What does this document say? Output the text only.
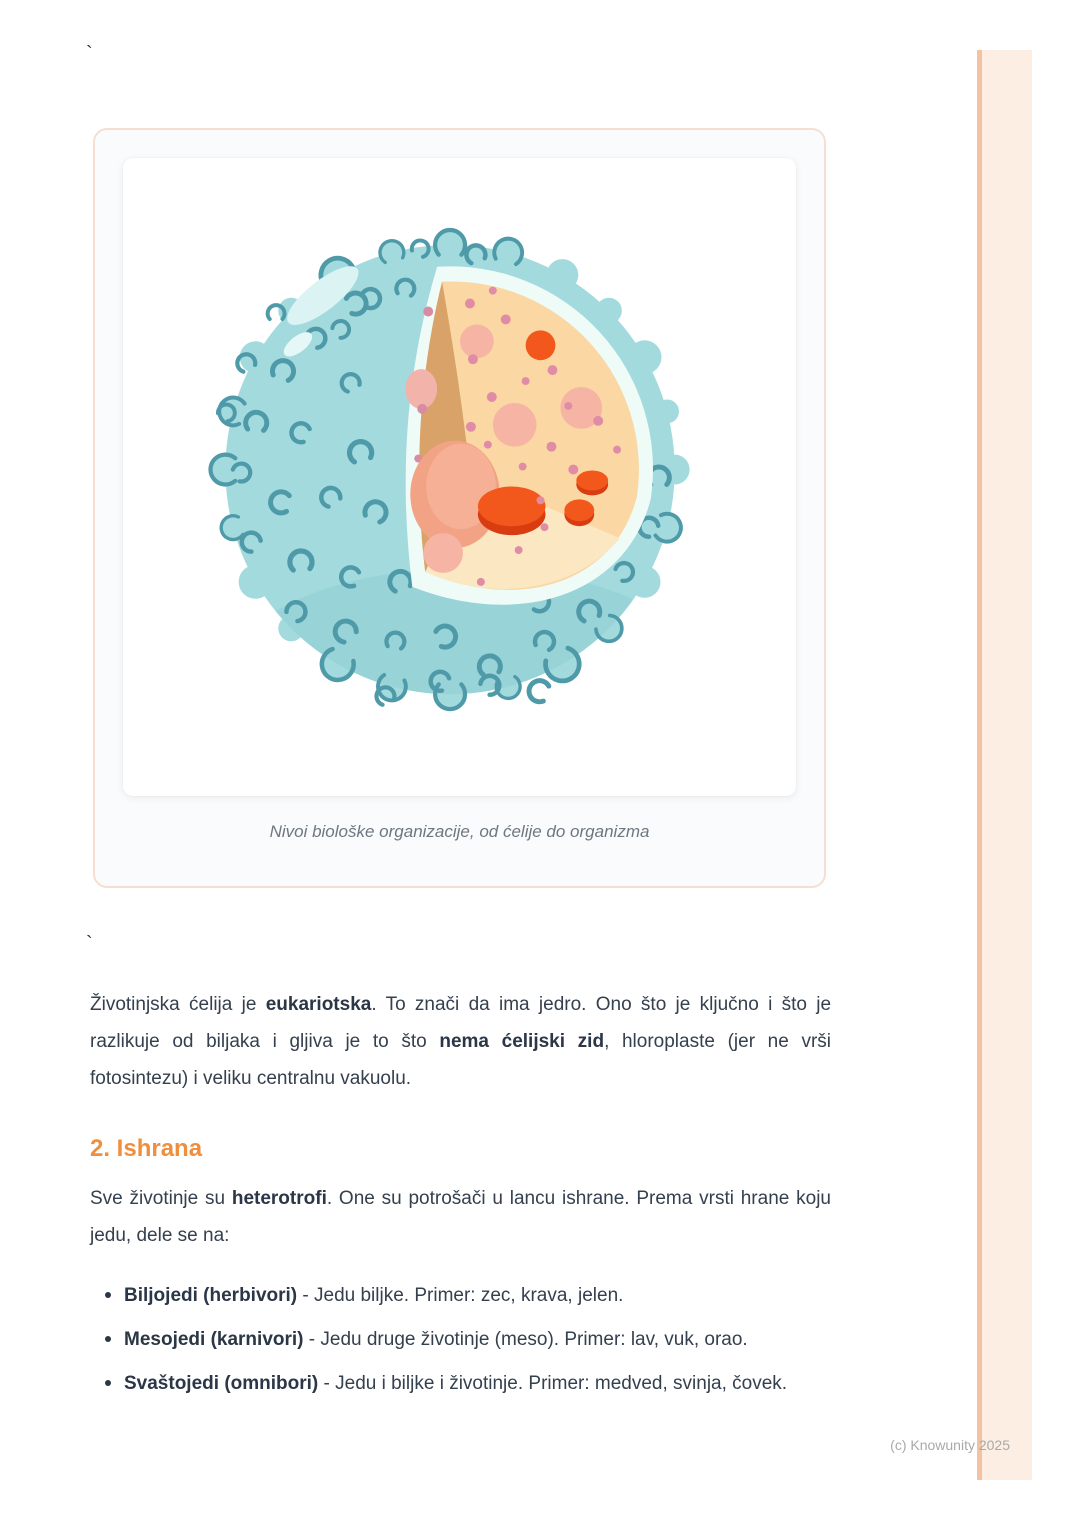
`
Nivoi biološke organizacije, od ćelije do organizma
`

Životinjska ćelija je eukariotska. To znači da ima jedro. Ono što je ključno i što je razlikuje od biljaka i gljiva je to što nema ćelijski zid, hloroplaste (jer ne vrši fotosintezu) i veliku centralnu vakuolu.

2. Ishrana

Sve životinje su heterotrofi. One su potrošači u lancu ishrane. Prema vrsti hrane koju jedu, dele se na:

Biljojedi (herbivori) - Jedu biljke. Primer: zec, krava, jelen.
Mesojedi (karnivori) - Jedu druge životinje (meso). Primer: lav, vuk, orao.
Svaštojedi (omnibori) - Jedu i biljke i životinje. Primer: medved, svinja, čovek.
(c) Knowunity 2025
